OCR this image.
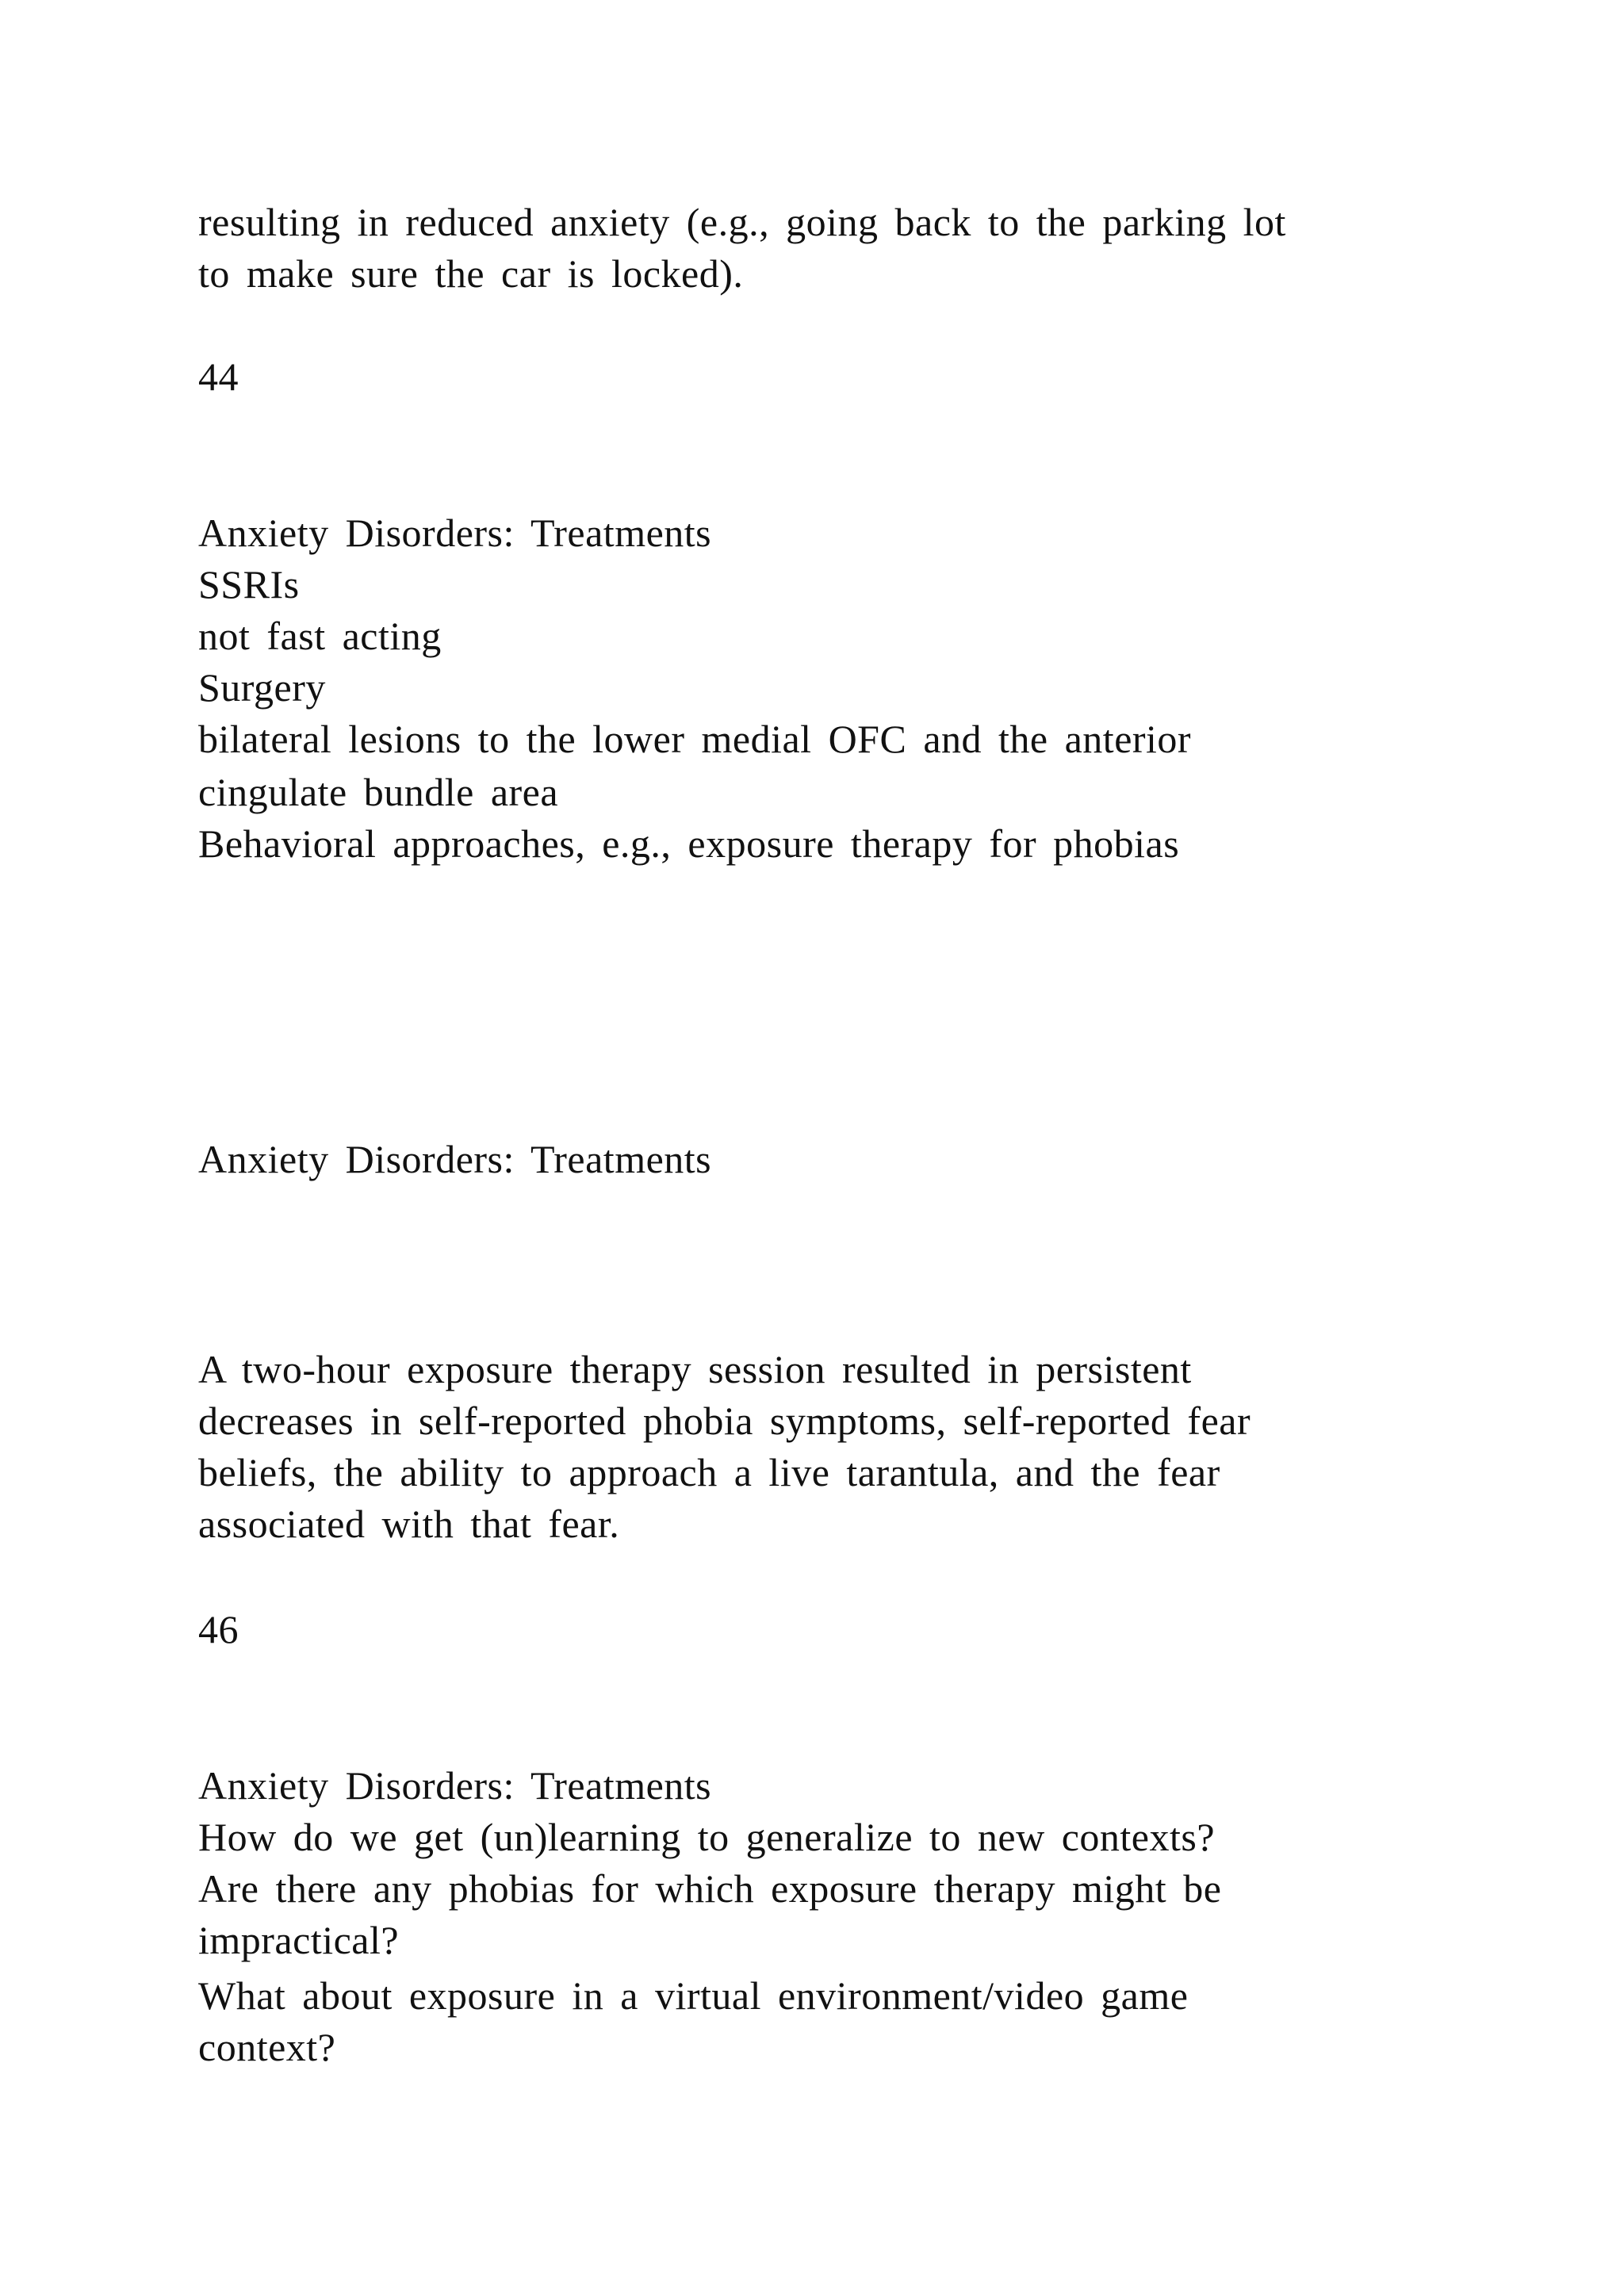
resulting in reduced anxiety (e.g., going back to the parking lot
to make sure the car is locked).
44
Anxiety Disorders: Treatments
SSRIs
not fast acting
Surgery
bilateral lesions to the lower medial OFC and the anterior
cingulate bundle area
Behavioral approaches, e.g., exposure therapy for phobias
Anxiety Disorders: Treatments
A two-hour exposure therapy session resulted in persistent
decreases in self-reported phobia symptoms, self-reported fear
beliefs, the ability to approach a live tarantula, and the fear
associated with that fear.
46
Anxiety Disorders: Treatments
How do we get (un)learning to generalize to new contexts?
Are there any phobias for which exposure therapy might be
impractical?
What about exposure in a virtual environment/video game
context?
